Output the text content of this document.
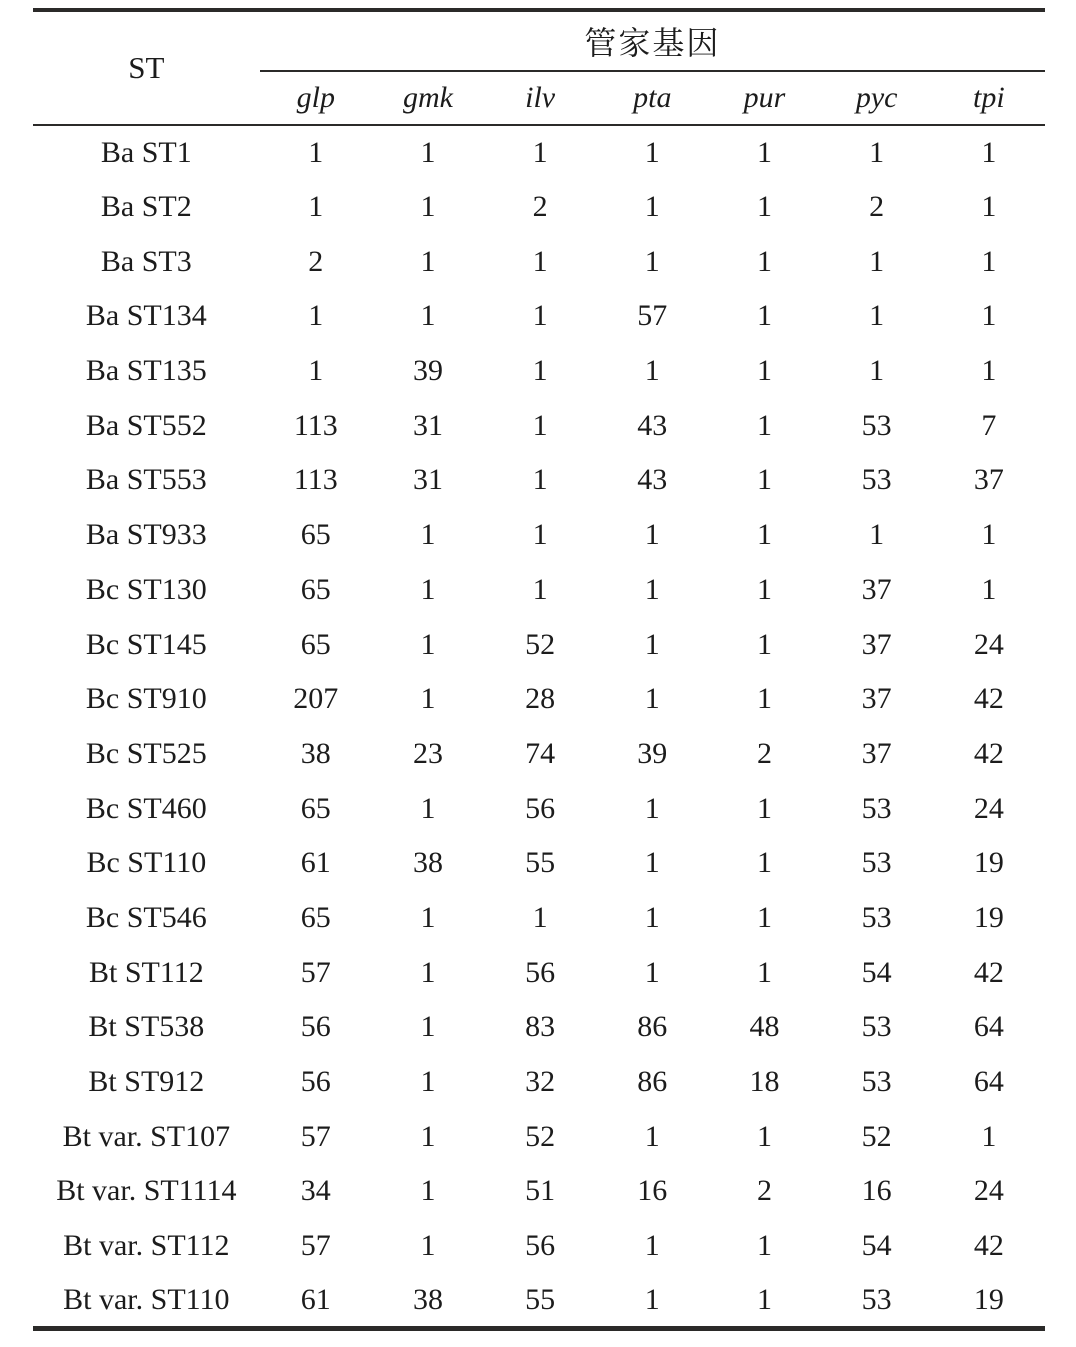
ST	管家基因						
	glp	gmk	ilv	pta	pur	pyc	tpi
Ba ST1	1	1	1	1	1	1	1
Ba ST2	1	1	2	1	1	2	1
Ba ST3	2	1	1	1	1	1	1
Ba ST134	1	1	1	57	1	1	1
Ba ST135	1	39	1	1	1	1	1
Ba ST552	113	31	1	43	1	53	7
Ba ST553	113	31	1	43	1	53	37
Ba ST933	65	1	1	1	1	1	1
Bc ST130	65	1	1	1	1	37	1
Bc ST145	65	1	52	1	1	37	24
Bc ST910	207	1	28	1	1	37	42
Bc ST525	38	23	74	39	2	37	42
Bc ST460	65	1	56	1	1	53	24
Bc ST110	61	38	55	1	1	53	19
Bc ST546	65	1	1	1	1	53	19
Bt ST112	57	1	56	1	1	54	42
Bt ST538	56	1	83	86	48	53	64
Bt ST912	56	1	32	86	18	53	64
Bt var. ST107	57	1	52	1	1	52	1
Bt var. ST1114	34	1	51	16	2	16	24
Bt var. ST112	57	1	56	1	1	54	42
Bt var. ST110	61	38	55	1	1	53	19
